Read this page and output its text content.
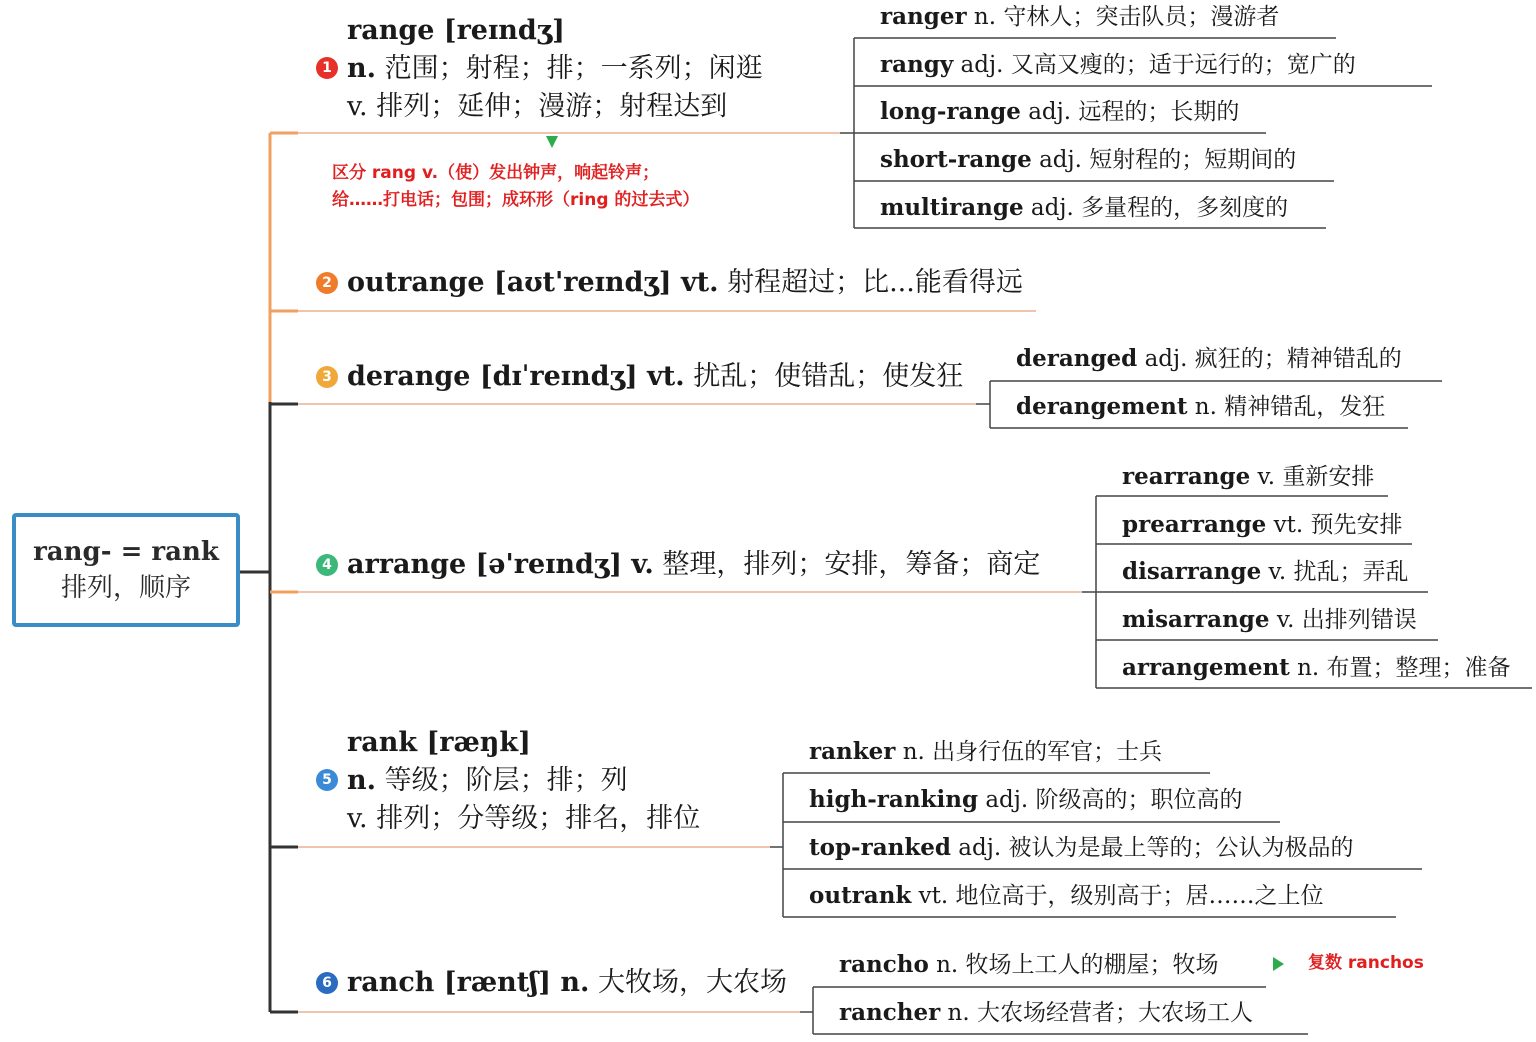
rang- = rank
排列，顺序
1
range [reɪndʒ]
n. 范围；射程；排；一系列；闲逛
v. 排列；延伸；漫游；射程达到
区分 rang v.（使）发出钟声，响起铃声；
给……打电话；包围；成环形（ring 的过去式）
ranger n. 守林人；突击队员；漫游者
rangy adj. 又高又瘦的；适于远行的；宽广的
long-range adj. 远程的；长期的
short-range adj. 短射程的；短期间的
multirange adj. 多量程的，多刻度的
2 outrange [aʊt'reɪndʒ] vt. 射程超过；比...能看得远
3 derange [dɪˈreɪndʒ] vt. 扰乱；使错乱；使发狂
deranged adj. 疯狂的；精神错乱的
derangement n. 精神错乱，发狂
4 arrange [ə'reɪndʒ] v. 整理，排列；安排，筹备；商定
rearrange v. 重新安排
prearrange vt. 预先安排
disarrange v. 扰乱；弄乱
misarrange v. 出排列错误
arrangement n. 布置；整理；准备
5
rank [ræŋk]
n. 等级；阶层；排；列
v. 排列；分等级；排名，排位
ranker n. 出身行伍的军官；士兵
high-ranking adj. 阶级高的；职位高的
top-ranked adj. 被认为是最上等的；公认为极品的
outrank vt. 地位高于，级别高于；居……之上位
6 ranch [ræntʃ] n. 大牧场，大农场
rancho n. 牧场上工人的棚屋；牧场
rancher n. 大农场经营者；大农场工人
复数 ranchos
